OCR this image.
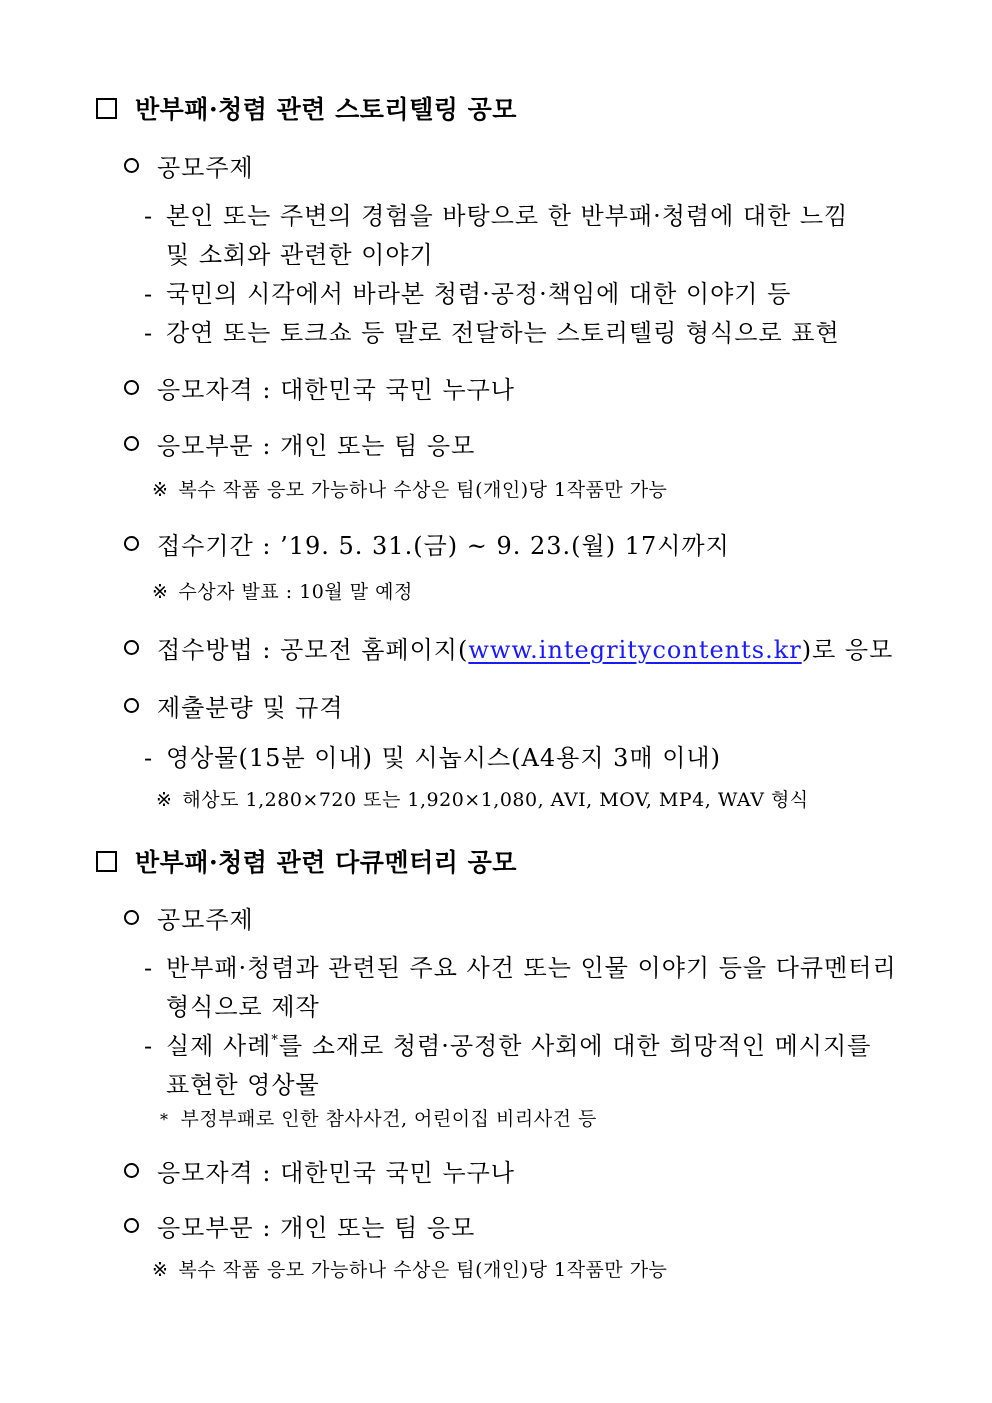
반부패·청렴 관련 스토리텔링 공모
공모주제
- 본인 또는 주변의 경험을 바탕으로 한 반부패·청렴에 대한 느낌
및 소회와 관련한 이야기
- 국민의 시각에서 바라본 청렴·공정·책임에 대한 이야기 등
- 강연 또는 토크쇼 등 말로 전달하는 스토리텔링 형식으로 표현
응모자격 : 대한민국 국민 누구나
응모부문 : 개인 또는 팀 응모
※ 복수 작품 응모 가능하나 수상은 팀(개인)당 1작품만 가능
접수기간 : ’19. 5. 31.(금) ~ 9. 23.(월) 17시까지
※ 수상자 발표 : 10월 말 예정
접수방법 : 공모전 홈페이지(www.integritycontents.kr)로 응모
제출분량 및 규격
- 영상물(15분 이내) 및 시놉시스(A4용지 3매 이내)
※ 해상도 1,280×720 또는 1,920×1,080, AVI, MOV, MP4, WAV 형식
반부패·청렴 관련 다큐멘터리 공모
공모주제
- 반부패·청렴과 관련된 주요 사건 또는 인물 이야기 등을 다큐멘터리
형식으로 제작
- 실제 사례*를 소재로 청렴·공정한 사회에 대한 희망적인 메시지를
표현한 영상물
* 부정부패로 인한 참사사건, 어린이집 비리사건 등
응모자격 : 대한민국 국민 누구나
응모부문 : 개인 또는 팀 응모
※ 복수 작품 응모 가능하나 수상은 팀(개인)당 1작품만 가능
